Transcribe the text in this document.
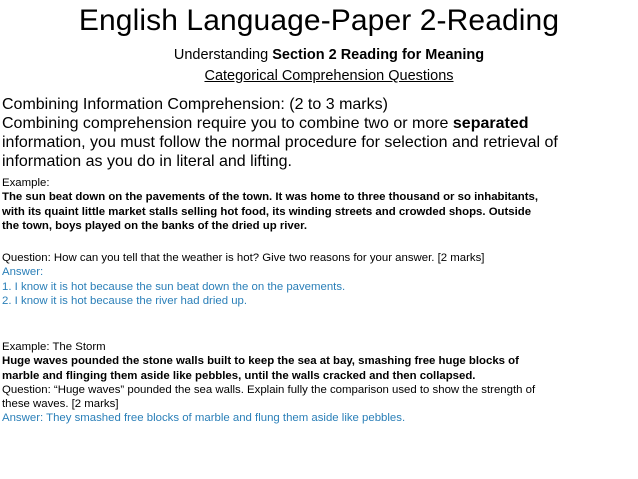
English Language-Paper 2-Reading
Understanding Section 2 Reading for Meaning
Categorical Comprehension Questions

Combining Information Comprehension: (2 to 3 marks)

Combining comprehension require you to combine two or more separated

information, you must follow the normal procedure for selection and retrieval of

information as you do in literal and lifting.

Example:

The sun beat down on the pavements of the town. It was home to three thousand or so inhabitants,

with its quaint little market stalls selling hot food, its winding streets and crowded shops. Outside

the town, boys played on the banks of the dried up river.

Question: How can you tell that the weather is hot? Give two reasons for your answer. [2 marks]

Answer:

1. I know it is hot because the sun beat down the on the pavements.

2. I know it is hot because the river had dried up.

Example: The Storm

Huge waves pounded the stone walls built to keep the sea at bay, smashing free huge blocks of

marble and flinging them aside like pebbles, until the walls cracked and then collapsed.

Question: “Huge waves” pounded the sea walls. Explain fully the comparison used to show the strength of

these waves. [2 marks]

Answer: They smashed free blocks of marble and flung them aside like pebbles.
